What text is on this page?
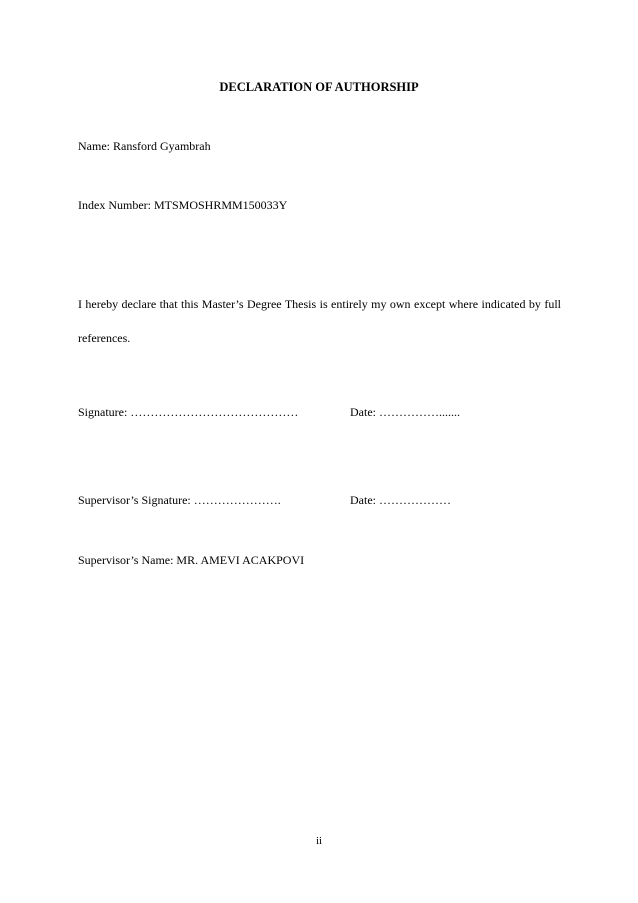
DECLARATION OF AUTHORSHIP
Name: Ransford Gyambrah
Index Number: MTSMOSHRMM150033Y
I hereby declare that this Master’s Degree Thesis is entirely my own except where indicated by full references.
Signature: ……………………………………	Date: …………….......
Supervisor’s Signature: ………………….	Date: ………………
Supervisor’s Name: MR. AMEVI ACAKPOVI
ii
